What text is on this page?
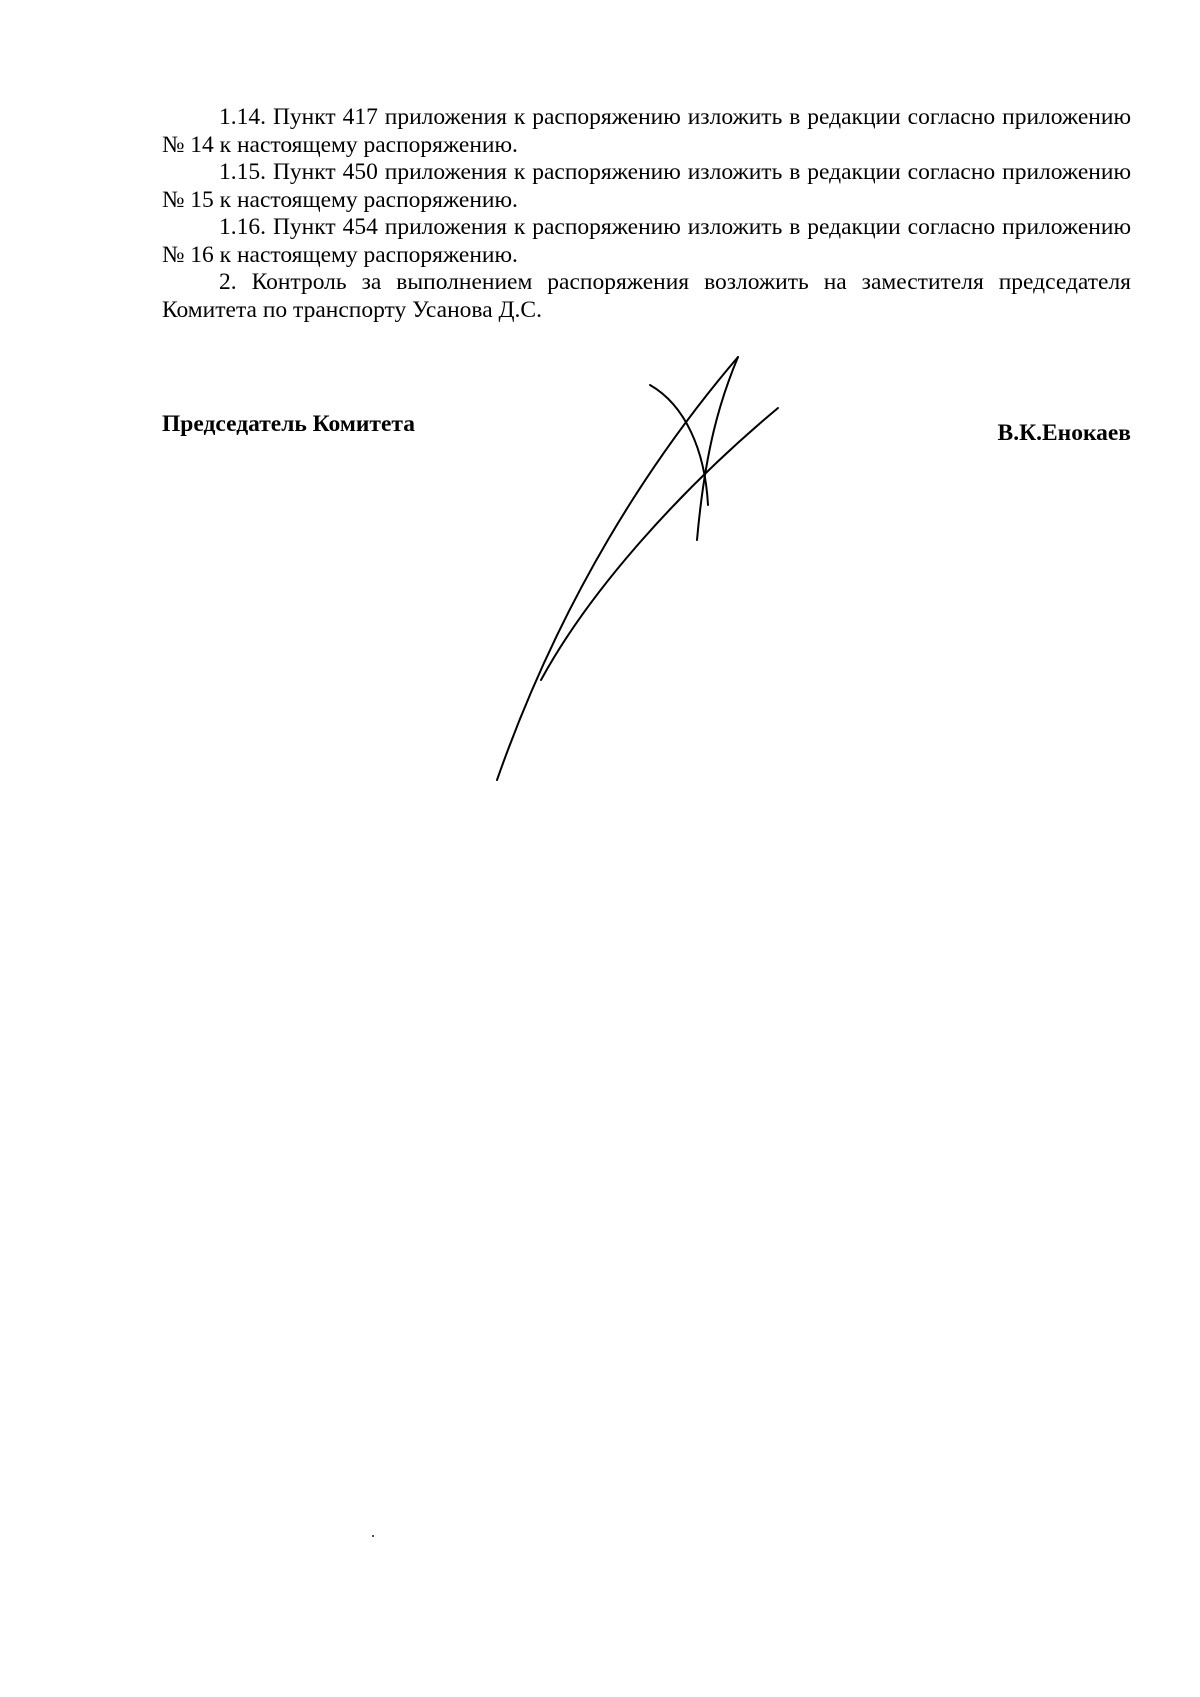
1.14. Пункт 417 приложения к распоряжению изложить в редакции согласно приложению № 14 к настоящему распоряжению.

1.15. Пункт 450 приложения к распоряжению изложить в редакции согласно приложению № 15 к настоящему распоряжению.

1.16. Пункт 454 приложения к распоряжению изложить в редакции согласно приложению № 16 к настоящему распоряжению.

2. Контроль за выполнением распоряжения возложить на заместителя председателя Комитета по транспорту Усанова Д.С.

Председатель Комитета	В.К.Енокаев
